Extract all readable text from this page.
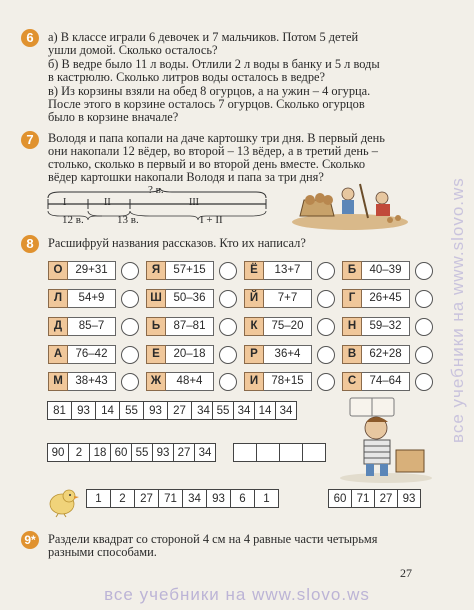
6	а) В классе играли 6 девочек и 7 мальчиков. Потом 5 детей
ушли домой. Сколько осталось?
б) В ведре было 11 л воды. Отлили 2 л воды в банку и 5 л воды
в кастрюлю. Сколько литров воды осталось в ведре?
в) Из корзины взяли на обед 8 огурцов, а на ужин – 4 огурца.
После этого в корзине осталось 7 огурцов. Сколько огурцов
было в корзине вначале?
7	Володя и папа копали на даче картошку три дня. В первый день
они накопали 12 вёдер, во второй – 13 вёдер, а в третий день –
столько, сколько в первый и во второй день вместе. Сколько
вёдер картошки накопали Володя и папа за три дня?
? в.
I	II	III
12 в.	13 в.	I + II
8	Расшифруй названия рассказов. Кто их написал?
О	29+31	Я	57+15	Ё	13+7	Б	40–39
Л	54+9	Ш	50–36	Й	7+7	Г	26+45
Д	85–7	Ь	87–81	К	75–20	Н	59–32
А	76–42	Е	20–18	Р	36+4	В	62+28
М	38+43	Ж	48+4	И	78+15	С	74–64
81	93	14	55	93	27	34 55	34	14	34
90	2	18	60	55	93	27	34

1	2	27	71	34	93	6	1	60	71	27	93
9* Раздели квадрат со стороной 4 см на 4 равные части четырьмя
разными способами.
27
все учебники на www.slovo.ws
все учебники на www.slovo.ws
